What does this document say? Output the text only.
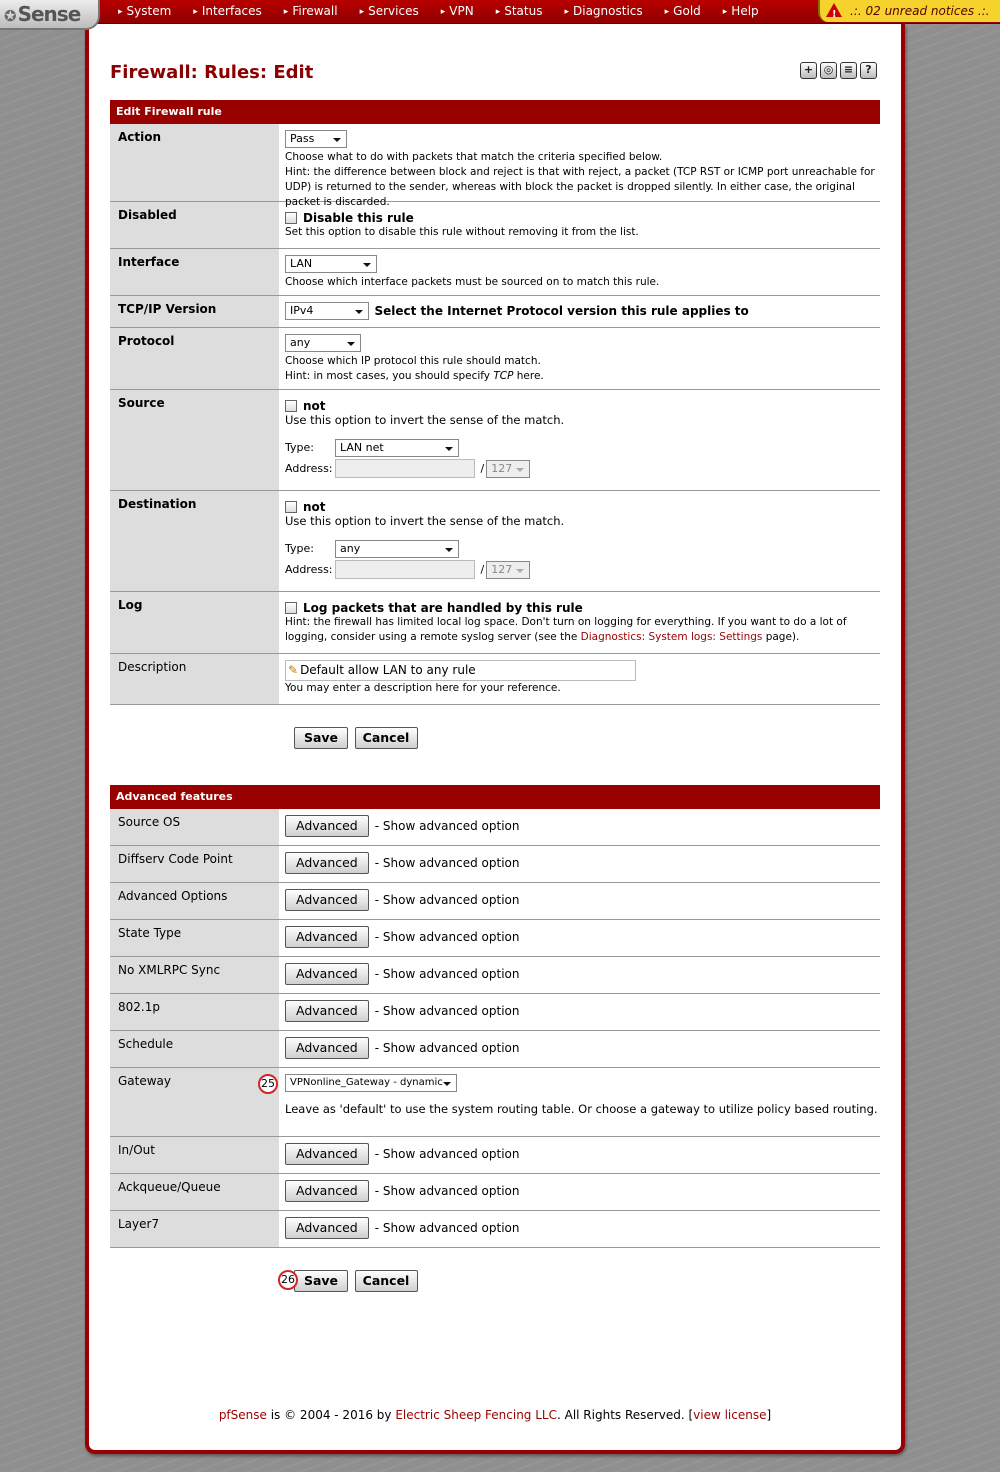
▸ System	▸ Interfaces	▸ Firewall	▸ Services	▸ VPN	▸ Status	▸ Diagnostics	▸ Gold	▸ Help !	.:. 02 unread notices .:.
✪ Sense
Firewall: Rules: Edit	+ ◎ ≡	?
Edit Firewall rule
Action	Pass
Choose what to do with packets that match the criteria specified below.
Hint: the difference between block and reject is that with reject, a packet (TCP RST or ICMP port unreachable for UDP) is returned to the sender, whereas with block the packet is dropped silently. In either case, the original packet is discarded.
Disabled	Disable this rule
Set this option to disable this rule without removing it from the list.
Interface	LAN
Choose which interface packets must be sourced on to match this rule.
TCP/IP Version	IPv4	Select the Internet Protocol version this rule applies to
Protocol	any
Choose which IP protocol this rule should match.
Hint: in most cases, you should specify TCP here.
Source	not
Use this option to invert the sense of the match.
Type: LAN net
Address:	/ 127
Destination	not
Use this option to invert the sense of the match.
Type: any
Address:	/ 127
Log	Log packets that are handled by this rule
Hint: the firewall has limited local log space. Don't turn on logging for everything. If you want to do a lot of logging, consider using a remote syslog server (see the Diagnostics: System logs: Settings page).
Description	✎ Default allow LAN to any rule
You may enter a description here for your reference.
Save Cancel
Advanced features
Source OS	Advanced - Show advanced option
Diffserv Code Point	Advanced - Show advanced option
Advanced Options	Advanced - Show advanced option
State Type	Advanced - Show advanced option
No XMLRPC Sync	Advanced - Show advanced option
802.1p	Advanced - Show advanced option
Schedule	Advanced - Show advanced option
Gateway	VPNonline_Gateway - dynamic
Leave as 'default' to use the system routing table. Or choose a gateway to utilize policy based routing.
25
In/Out	Advanced - Show advanced option
Ackqueue/Queue	Advanced - Show advanced option
Layer7	Advanced - Show advanced option
Save Cancel
26
pfSense is © 2004 - 2016 by Electric Sheep Fencing LLC. All Rights Reserved. [view license]
